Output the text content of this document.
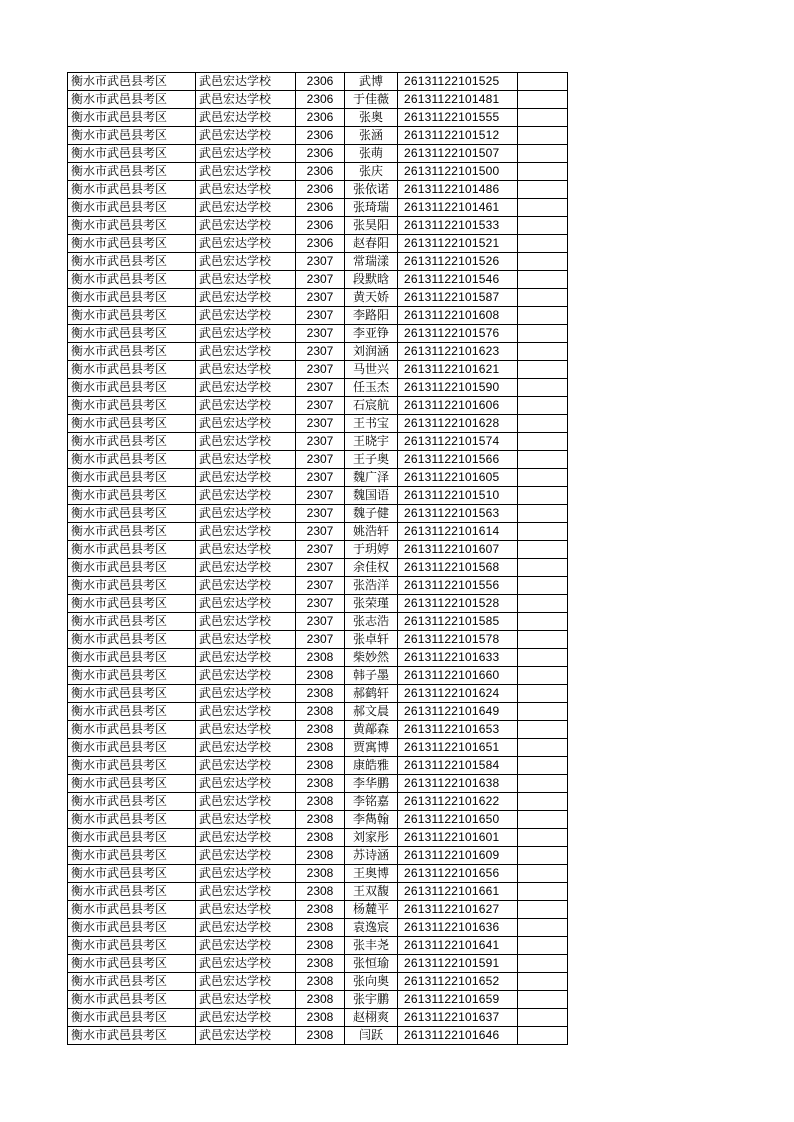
衡水市武邑县考区	武邑宏达学校	2306	武博	26131122101525	
衡水市武邑县考区	武邑宏达学校	2306	于佳薇	26131122101481	
衡水市武邑县考区	武邑宏达学校	2306	张奥	26131122101555	
衡水市武邑县考区	武邑宏达学校	2306	张涵	26131122101512	
衡水市武邑县考区	武邑宏达学校	2306	张萌	26131122101507	
衡水市武邑县考区	武邑宏达学校	2306	张庆	26131122101500	
衡水市武邑县考区	武邑宏达学校	2306	张依诺	26131122101486	
衡水市武邑县考区	武邑宏达学校	2306	张琦瑞	26131122101461	
衡水市武邑县考区	武邑宏达学校	2306	张昊阳	26131122101533	
衡水市武邑县考区	武邑宏达学校	2306	赵春阳	26131122101521	
衡水市武邑县考区	武邑宏达学校	2307	常瑞漾	26131122101526	
衡水市武邑县考区	武邑宏达学校	2307	段默晗	26131122101546	
衡水市武邑县考区	武邑宏达学校	2307	黄天娇	26131122101587	
衡水市武邑县考区	武邑宏达学校	2307	李路阳	26131122101608	
衡水市武邑县考区	武邑宏达学校	2307	李亚铮	26131122101576	
衡水市武邑县考区	武邑宏达学校	2307	刘润涵	26131122101623	
衡水市武邑县考区	武邑宏达学校	2307	马世兴	26131122101621	
衡水市武邑县考区	武邑宏达学校	2307	任玉杰	26131122101590	
衡水市武邑县考区	武邑宏达学校	2307	石宸航	26131122101606	
衡水市武邑县考区	武邑宏达学校	2307	王书宝	26131122101628	
衡水市武邑县考区	武邑宏达学校	2307	王晓宇	26131122101574	
衡水市武邑县考区	武邑宏达学校	2307	王子奥	26131122101566	
衡水市武邑县考区	武邑宏达学校	2307	魏广泽	26131122101605	
衡水市武邑县考区	武邑宏达学校	2307	魏国语	26131122101510	
衡水市武邑县考区	武邑宏达学校	2307	魏子健	26131122101563	
衡水市武邑县考区	武邑宏达学校	2307	姚浩轩	26131122101614	
衡水市武邑县考区	武邑宏达学校	2307	于玥婷	26131122101607	
衡水市武邑县考区	武邑宏达学校	2307	余佳权	26131122101568	
衡水市武邑县考区	武邑宏达学校	2307	张浩洋	26131122101556	
衡水市武邑县考区	武邑宏达学校	2307	张荣瑾	26131122101528	
衡水市武邑县考区	武邑宏达学校	2307	张志浩	26131122101585	
衡水市武邑县考区	武邑宏达学校	2307	张卓轩	26131122101578	
衡水市武邑县考区	武邑宏达学校	2308	柴妙然	26131122101633	
衡水市武邑县考区	武邑宏达学校	2308	韩子墨	26131122101660	
衡水市武邑县考区	武邑宏达学校	2308	郝鹤轩	26131122101624	
衡水市武邑县考区	武邑宏达学校	2308	郝文晨	26131122101649	
衡水市武邑县考区	武邑宏达学校	2308	黄鄗森	26131122101653	
衡水市武邑县考区	武邑宏达学校	2308	贾寓博	26131122101651	
衡水市武邑县考区	武邑宏达学校	2308	康皓雅	26131122101584	
衡水市武邑县考区	武邑宏达学校	2308	李华鹏	26131122101638	
衡水市武邑县考区	武邑宏达学校	2308	李铭嘉	26131122101622	
衡水市武邑县考区	武邑宏达学校	2308	李雋翰	26131122101650	
衡水市武邑县考区	武邑宏达学校	2308	刘家彤	26131122101601	
衡水市武邑县考区	武邑宏达学校	2308	苏诗涵	26131122101609	
衡水市武邑县考区	武邑宏达学校	2308	王奥博	26131122101656	
衡水市武邑县考区	武邑宏达学校	2308	王双馥	26131122101661	
衡水市武邑县考区	武邑宏达学校	2308	杨麓平	26131122101627	
衡水市武邑县考区	武邑宏达学校	2308	袁逸宸	26131122101636	
衡水市武邑县考区	武邑宏达学校	2308	张丰尧	26131122101641	
衡水市武邑县考区	武邑宏达学校	2308	张恒瑜	26131122101591	
衡水市武邑县考区	武邑宏达学校	2308	张向奥	26131122101652	
衡水市武邑县考区	武邑宏达学校	2308	张宇鹏	26131122101659	
衡水市武邑县考区	武邑宏达学校	2308	赵栩爽	26131122101637	
衡水市武邑县考区	武邑宏达学校	2308	闫跃	26131122101646	
